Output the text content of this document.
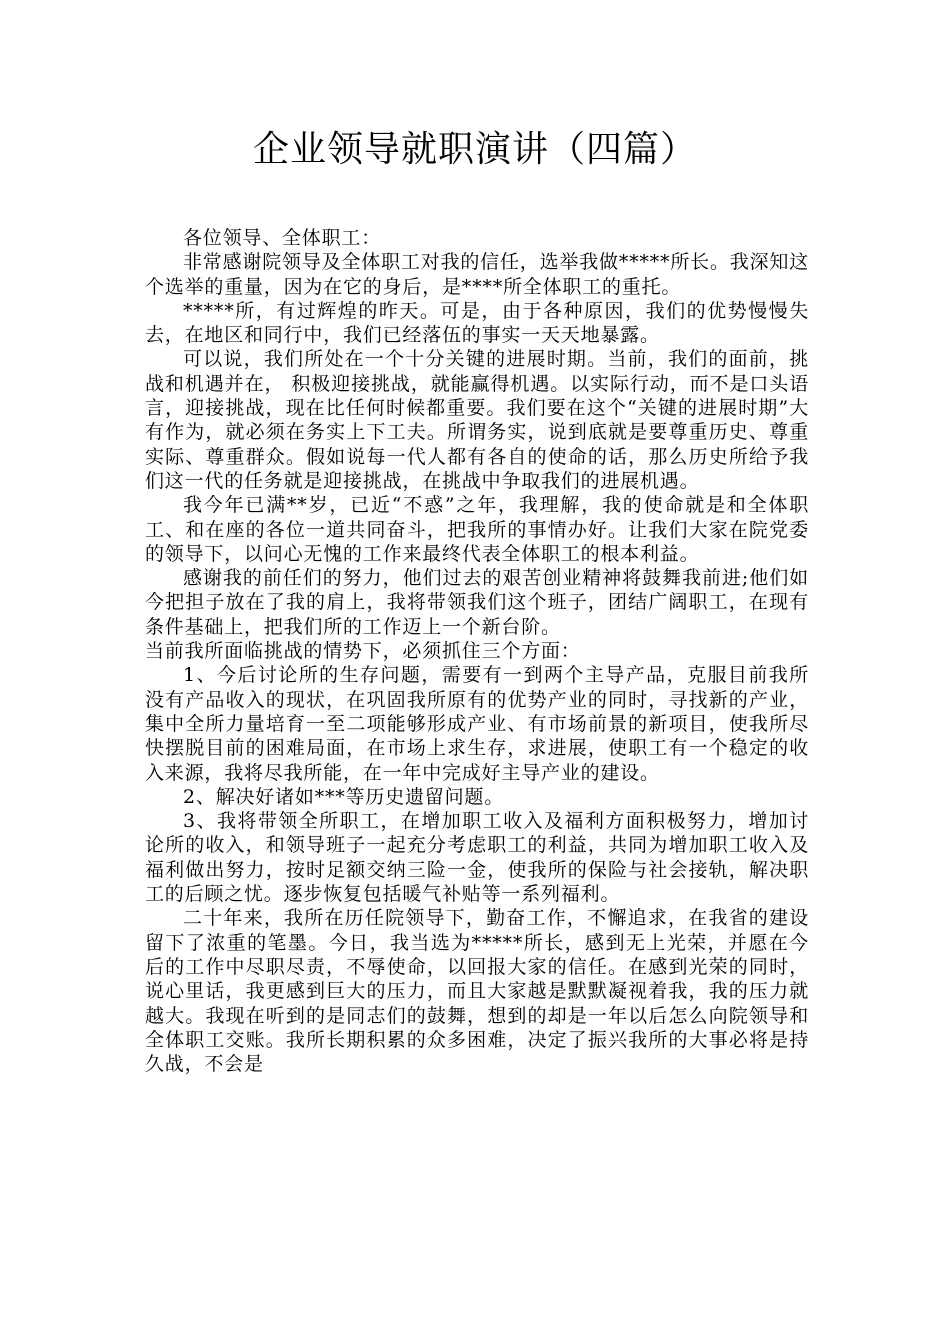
企业领导就职演讲（四篇）

各位领导、全体职工：

非常感谢院领导及全体职工对我的信任，选举我做*****所长。我深知这个选举的重量，因为在它的身后，是****所全体职工的重托。

*****所，有过辉煌的昨天。可是，由于各种原因，我们的优势慢慢失去，在地区和同行中，我们已经落伍的事实一天天地暴露。

可以说，我们所处在一个十分关键的进展时期。当前，我们的面前，挑战和机遇并在， 积极迎接挑战，就能赢得机遇。以实际行动，而不是口头语言，迎接挑战，现在比任何时候都重要。我们要在这个“关键的进展时期”大有作为，就必须在务实上下工夫。所谓务实，说到底就是要尊重历史、尊重实际、尊重群众。假如说每一代人都有各自的使命的话，那么历史所给予我们这一代的任务就是迎接挑战，在挑战中争取我们的进展机遇。

我今年已满**岁，已近“不惑”之年，我理解，我的使命就是和全体职工、和在座的各位一道共同奋斗，把我所的事情办好。让我们大家在院党委的领导下，以问心无愧的工作来最终代表全体职工的根本利益。

感谢我的前任们的努力，他们过去的艰苦创业精神将鼓舞我前进;他们如今把担子放在了我的肩上，我将带领我们这个班子，团结广阔职工，在现有条件基础上，把我们所的工作迈上一个新台阶。

当前我所面临挑战的情势下，必须抓住三个方面：

1、今后讨论所的生存问题，需要有一到两个主导产品，克服目前我所没有产品收入的现状，在巩固我所原有的优势产业的同时，寻找新的产业，集中全所力量培育一至二项能够形成产业、有市场前景的新项目，使我所尽快摆脱目前的困难局面，在市场上求生存，求进展，使职工有一个稳定的收入来源，我将尽我所能，在一年中完成好主导产业的建设。

2、解决好诸如***等历史遗留问题。

3、我将带领全所职工，在增加职工收入及福利方面积极努力，增加讨论所的收入，和领导班子一起充分考虑职工的利益，共同为增加职工收入及福利做出努力，按时足额交纳三险一金，使我所的保险与社会接轨，解决职工的后顾之忧。逐步恢复包括暖气补贴等一系列福利。

二十年来，我所在历任院领导下，勤奋工作，不懈追求，在我省的建设留下了浓重的笔墨。今日，我当选为*****所长，感到无上光荣，并愿在今后的工作中尽职尽责，不辱使命，以回报大家的信任。在感到光荣的同时，说心里话，我更感到巨大的压力，而且大家越是默默凝视着我，我的压力就越大。我现在听到的是同志们的鼓舞，想到的却是一年以后怎么向院领导和全体职工交账。我所长期积累的众多困难，决定了振兴我所的大事必将是持久战，不会是
